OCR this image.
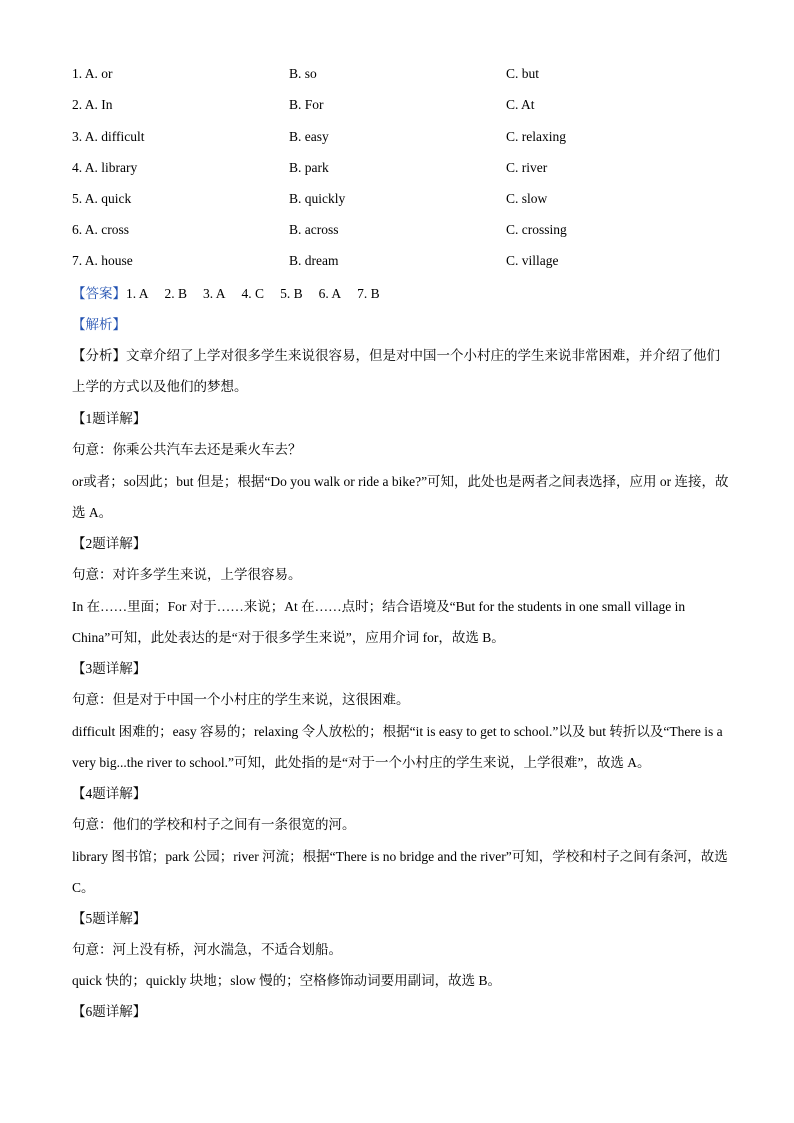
1. A. or	B. so	C. but
2. A. In	B. For	C. At
3. A. difficult	B. easy	C. relaxing
4. A. library	B. park	C. river
5. A. quick	B. quickly	C. slow
6. A. cross	B. across	C. crossing
7. A. house	B. dream	C. village
【答案】1. A 2. B 3. A 4. C 5. B 6. A 7. B
【解析】
【分析】文章介绍了上学对很多学生来说很容易，但是对中国一个小村庄的学生来说非常困难，并介绍了他们上学的方式以及他们的梦想。
【1题详解】
句意：你乘公共汽车去还是乘火车去？
or或者；so因此；but 但是；根据“Do you walk or ride a bike?”可知，此处也是两者之间表选择，应用 or 连接，故选 A。
【2题详解】
句意：对许多学生来说，上学很容易。
In 在……里面；For 对于……来说；At 在……点时；结合语境及“But for the students in one small village in China”可知，此处表达的是“对于很多学生来说”，应用介词 for，故选 B。
【3题详解】
句意：但是对于中国一个小村庄的学生来说，这很困难。
difficult 困难的；easy 容易的；relaxing 令人放松的；根据“it is easy to get to school.”以及 but 转折以及“There is a very big...the river to school.”可知，此处指的是“对于一个小村庄的学生来说，上学很难”，故选 A。
【4题详解】
句意：他们的学校和村子之间有一条很宽的河。
library 图书馆；park 公园；river 河流；根据“There is no bridge and the river”可知，学校和村子之间有条河，故选 C。
【5题详解】
句意：河上没有桥，河水湍急，不适合划船。
quick 快的；quickly 块地；slow 慢的；空格修饰动词要用副词，故选 B。
【6题详解】
